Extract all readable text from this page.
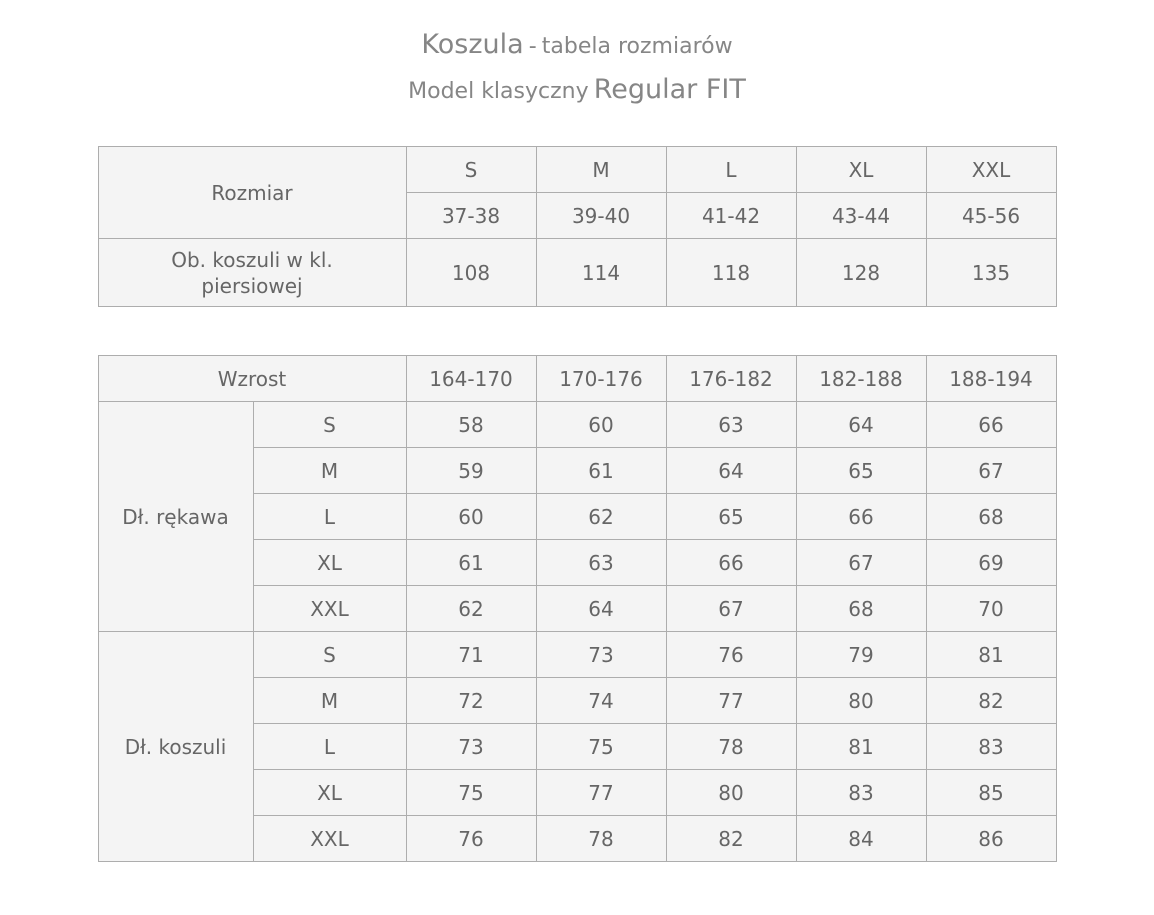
Koszula - tabela rozmiarów
Model klasyczny Regular FIT
Rozmiar	S	M	L	XL	XXL
	37-38	39-40	41-42	43-44	45-56
Ob. koszuli w kl. piersiowej	108	114	118	128	135
Wzrost		164-170	170-176	176-182	182-188	188-194
Dł. rękawa	S	58	60	63	64	66
	M	59	61	64	65	67
	L	60	62	65	66	68
	XL	61	63	66	67	69
	XXL	62	64	67	68	70
Dł. koszuli	S	71	73	76	79	81
	M	72	74	77	80	82
	L	73	75	78	81	83
	XL	75	77	80	83	85
	XXL	76	78	82	84	86
